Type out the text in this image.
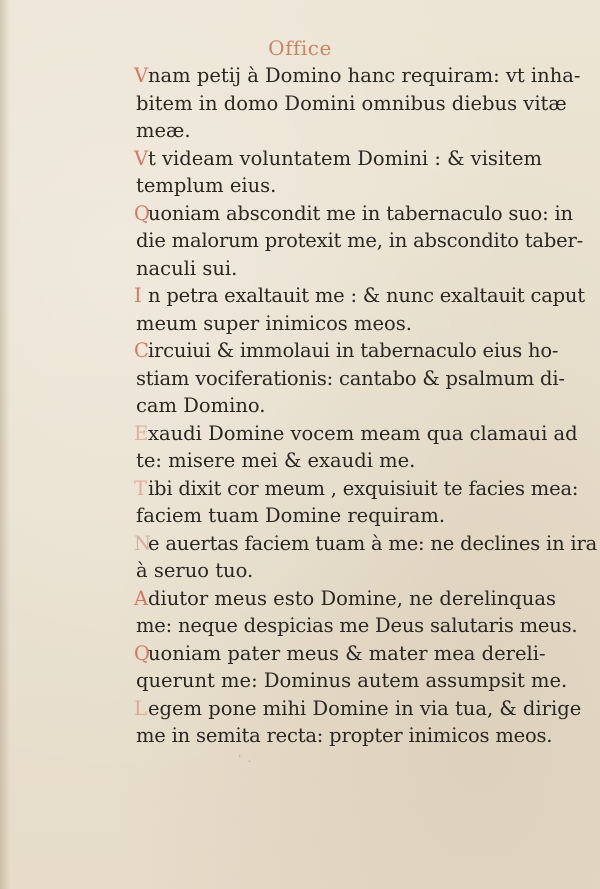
Office

Vnam petij à Domino hanc requiram: vt inha-
bitem in domo Domini omnibus diebus vitæ
meæ.

Vt videam voluntatem Domini : & visitem
templum eius.

Quoniam abscondit me in tabernaculo suo: in
die malorum protexit me, in abscondito taber-
naculi sui.

I n petra exaltauit me : & nunc exaltauit caput
meum super inimicos meos.

Circuiui & immolaui in tabernaculo eius ho-
stiam vociferationis: cantabo & psalmum di-
cam Domino.

Exaudi Domine vocem meam qua clamaui ad
te: misere mei & exaudi me.

Tibi dixit cor meum , exquisiuit te facies mea:
faciem tuam Domine requiram.

Ne auertas faciem tuam à me: ne declines in ira
à seruo tuo.

Adiutor meus esto Domine, ne derelinquas
me: neque despicias me Deus salutaris meus.

Quoniam pater meus & mater mea dereli-
querunt me: Dominus autem assumpsit me.

Legem pone mihi Domine in via tua, & dirige
me in semita recta: propter inimicos meos.

᾽ ⸱
